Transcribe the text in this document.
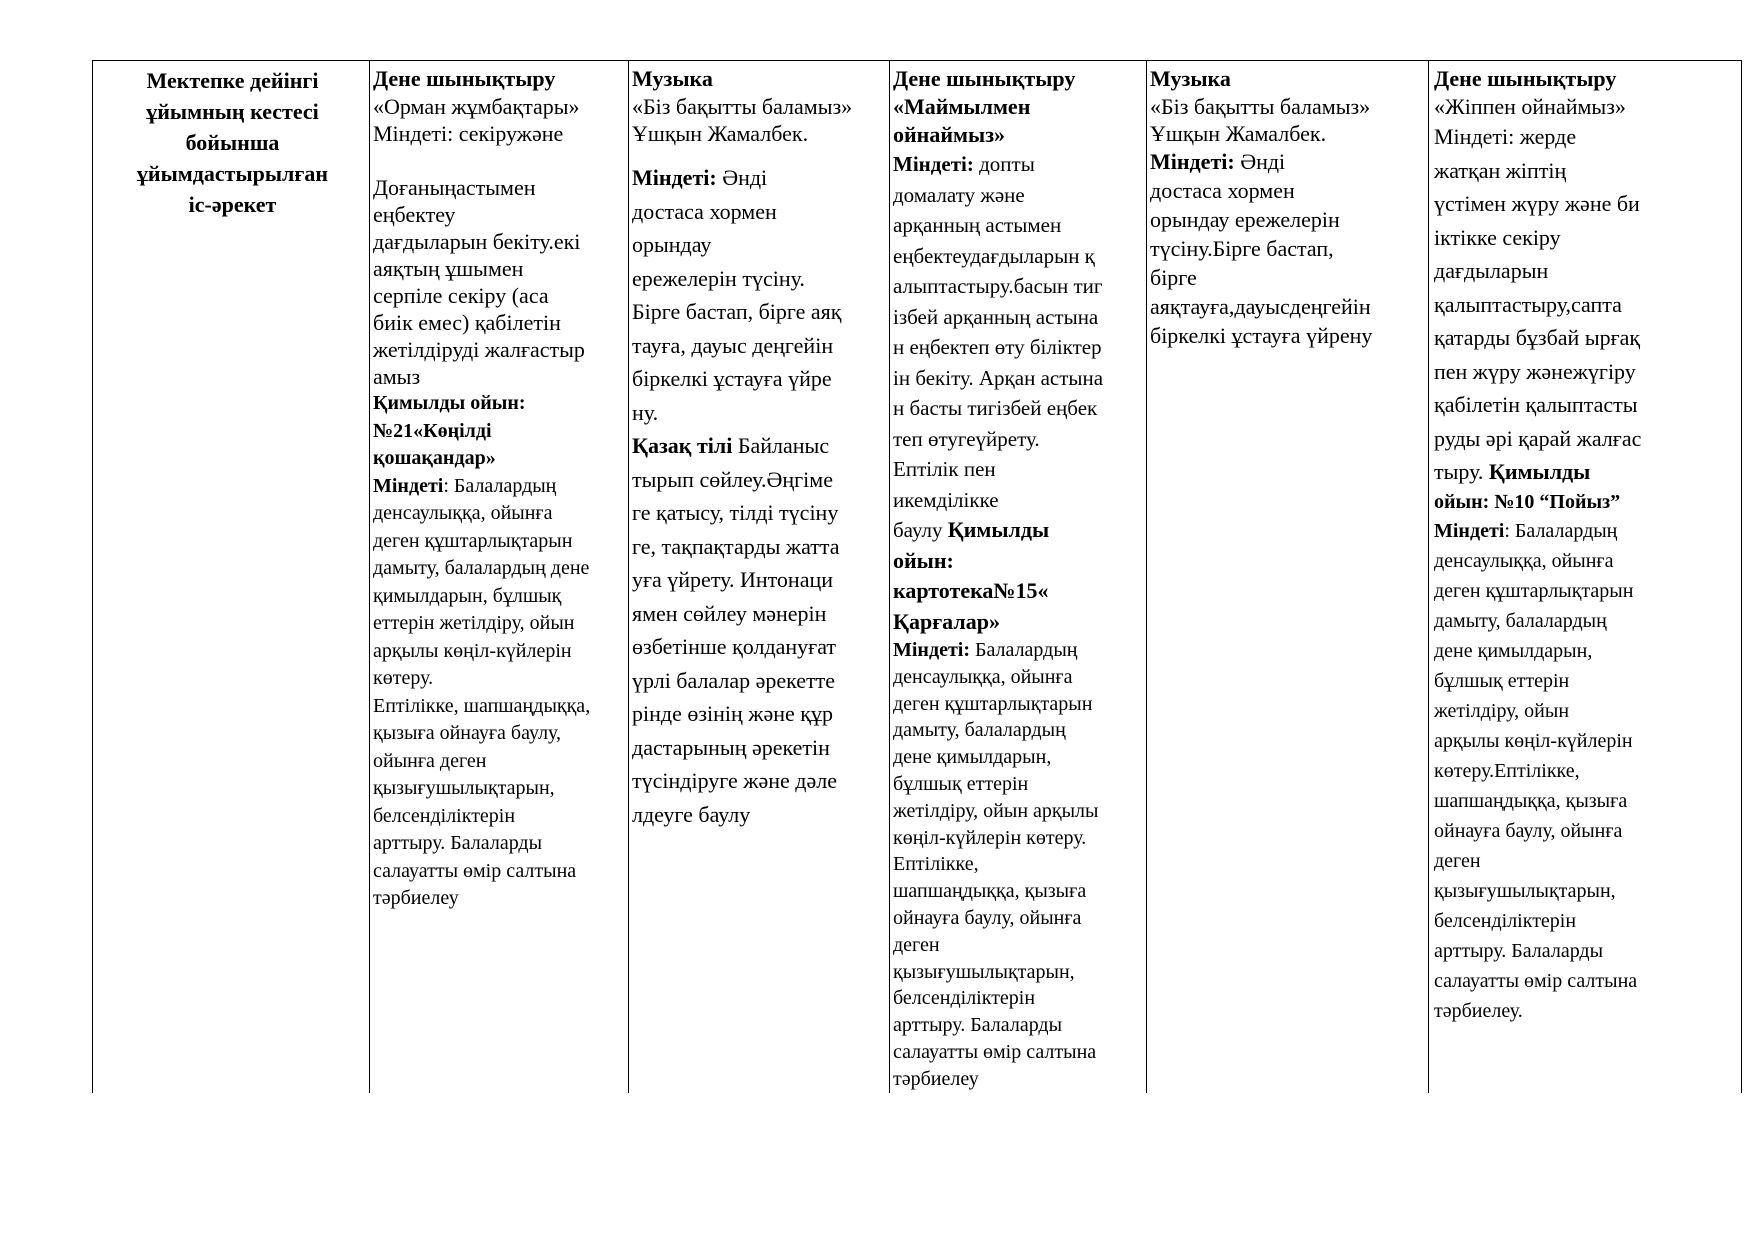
Мектепке дейінгі
ұйымның кестесі
бойынша
ұйымдастырылған
іс-әрекет

Дене шынықтыру

«Орман жұмбақтары»
Міндеті: секіружәне

Доғаныңастымен
еңбектеу
дағдыларын бекіту.екі
аяқтың ұшымен
серпіле секіру (аса
биік емес) қабілетін
жетілдіруді жалғастыр
амыз

Қимылды ойын:
№21«Көңілді
қошақандар»

Міндеті: Балалардың
денсаулыққа, ойынға
деген құштарлықтарын
дамыту, балалардың дене
қимылдарын, бұлшық
еттерін жетілдіру, ойын
арқылы көңіл-күйлерін
көтеру.
Ептілікке, шапшаңдыққа,
қызыға ойнауға баулу,
ойынға деген
қызығушылықтарын,
белсенділіктерін
арттыру. Балаларды
салауатты өмір салтына
тәрбиелеу

Музыка

«Біз бақытты баламыз»
Ұшқын Жамалбек.

Міндеті: Әнді
достаса хормен
орындау
ережелерін түсіну.
Бірге бастап, бірге аяқ
тауға, дауыс деңгейін
біркелкі ұстауға үйре
ну.

Қазақ тілі Байланыс
тырып сөйлеу.Әңгіме
ге қатысу, тілді түсіну
ге, тақпақтарды жатта
уға үйрету. Интонаци
ямен сөйлеу мәнерін
өзбетінше қолдануғат
үрлі балалар әрекетте
рінде өзінің және құр
дастарының әрекетін
түсіндіруге және дәле
лдеуге баулу

Дене шынықтыру

«Маймылмен
ойнаймыз»

Міндеті: допты
домалату және
арқанның астымен
еңбектеудағдыларын қ
алыптастыру.басын тиг
ізбей арқанның астына
н еңбектеп өту біліктер
ін бекіту. Арқан астына
н басты тигізбей еңбек
теп өтугеүйрету.
Ептілік пен
икемділікке
баулу Қимылды
ойын:
картотека№15«
Қарғалар»

Міндеті: Балалардың
денсаулыққа, ойынға
деген құштарлықтарын
дамыту, балалардың
дене қимылдарын,
бұлшық еттерін
жетілдіру, ойын арқылы
көңіл-күйлерін көтеру.
Ептілікке,
шапшаңдыққа, қызыға
ойнауға баулу, ойынға
деген
қызығушылықтарын,
белсенділіктерін
арттыру. Балаларды
салауатты өмір салтына
тәрбиелеу

Музыка

«Біз бақытты баламыз»
Ұшқын Жамалбек.

Міндеті: Әнді
достаса хормен
орындау ережелерін
түсіну.Бірге бастап,
бірге
аяқтауға,дауысдеңгейін
біркелкі ұстауға үйрену

Дене шынықтыру

«Жіппен ойнаймыз»

Міндеті: жерде
жатқан жіптің
үстімен жүру және би
іктікке секіру
дағдыларын
қалыптастыру,сапта
қатарды бұзбай ырғақ
пен жүру жәнежүгіру
қабілетін қалыптасты
руды әрі қарай жалғас
тыру. Қимылды

ойын: №10 “Пойыз”

Міндеті: Балалардың
денсаулыққа, ойынға
деген құштарлықтарын
дамыту, балалардың
дене қимылдарын,
бұлшық еттерін
жетілдіру, ойын
арқылы көңіл-күйлерін
көтеру.Ептілікке,
шапшаңдыққа, қызыға
ойнауға баулу, ойынға
деген
қызығушылықтарын,
белсенділіктерін
арттыру. Балаларды
салауатты өмір салтына
тәрбиелеу.
